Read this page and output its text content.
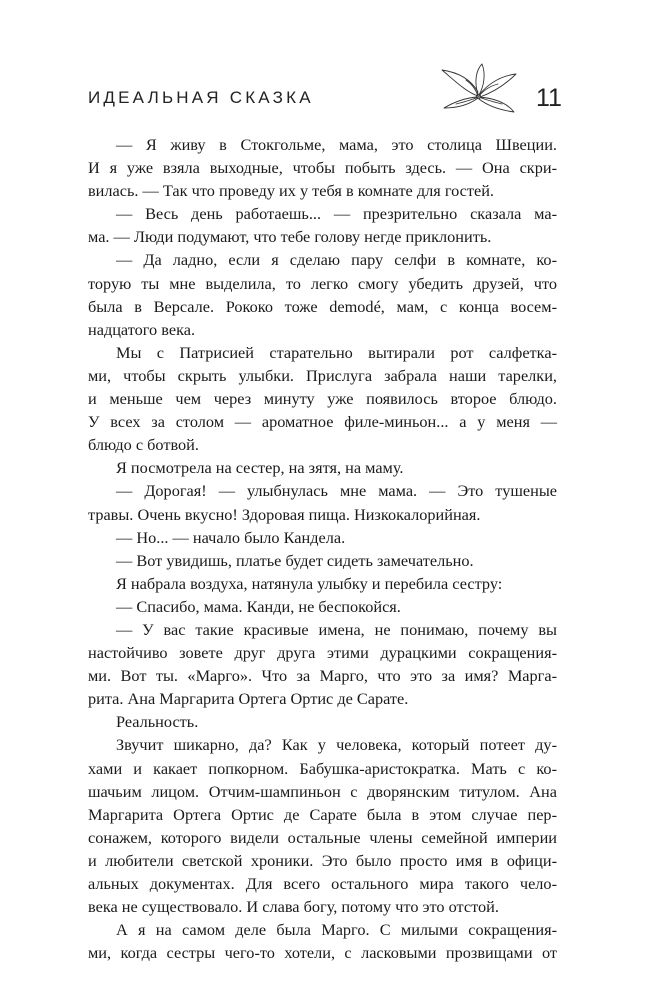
ИДЕАЛЬНАЯ СКАЗКА	11
— Я живу в Стокгольме, мама, это столица Швеции.
И я уже взяла выходные, чтобы побыть здесь. — Она скри-
вилась. — Так что проведу их у тебя в комнате для гостей.
— Весь день работаешь... — презрительно сказала ма-
ма. — Люди подумают, что тебе голову негде приклонить.
— Да ладно, если я сделаю пару селфи в комнате, ко-
торую ты мне выделила, то легко смогу убедить друзей, что
была в Версале. Рококо тоже demodé, мам, с конца восем-
надцатого века.
Мы с Патрисией старательно вытирали рот салфетка-
ми, чтобы скрыть улыбки. Прислуга забрала наши тарелки,
и меньше чем через минуту уже появилось второе блюдо.
У всех за столом — ароматное филе-миньон... а у меня —
блюдо с ботвой.
Я посмотрела на сестер, на зятя, на маму.
— Дорогая! — улыбнулась мне мама. — Это тушеные
травы. Очень вкусно! Здоровая пища. Низкокалорийная.
— Но... — начало было Кандела.
— Вот увидишь, платье будет сидеть замечательно.
Я набрала воздуха, натянула улыбку и перебила сестру:
— Спасибо, мама. Канди, не беспокойся.
— У вас такие красивые имена, не понимаю, почему вы
настойчиво зовете друг друга этими дурацкими сокращения-
ми. Вот ты. «Марго». Что за Марго, что это за имя? Марга-
рита. Ана Маргарита Ортега Ортис де Сарате.
Реальность.
Звучит шикарно, да? Как у человека, который потеет ду-
хами и какает попкорном. Бабушка-аристократка. Мать с ко-
шачьим лицом. Отчим-шампиньон с дворянским титулом. Ана
Маргарита Ортега Ортис де Сарате была в этом случае пер-
сонажем, которого видели остальные члены семейной империи
и любители светской хроники. Это было просто имя в офици-
альных документах. Для всего остального мира такого чело-
века не существовало. И слава богу, потому что это отстой.
А я на самом деле была Марго. С милыми сокращения-
ми, когда сестры чего-то хотели, с ласковыми прозвищами от
